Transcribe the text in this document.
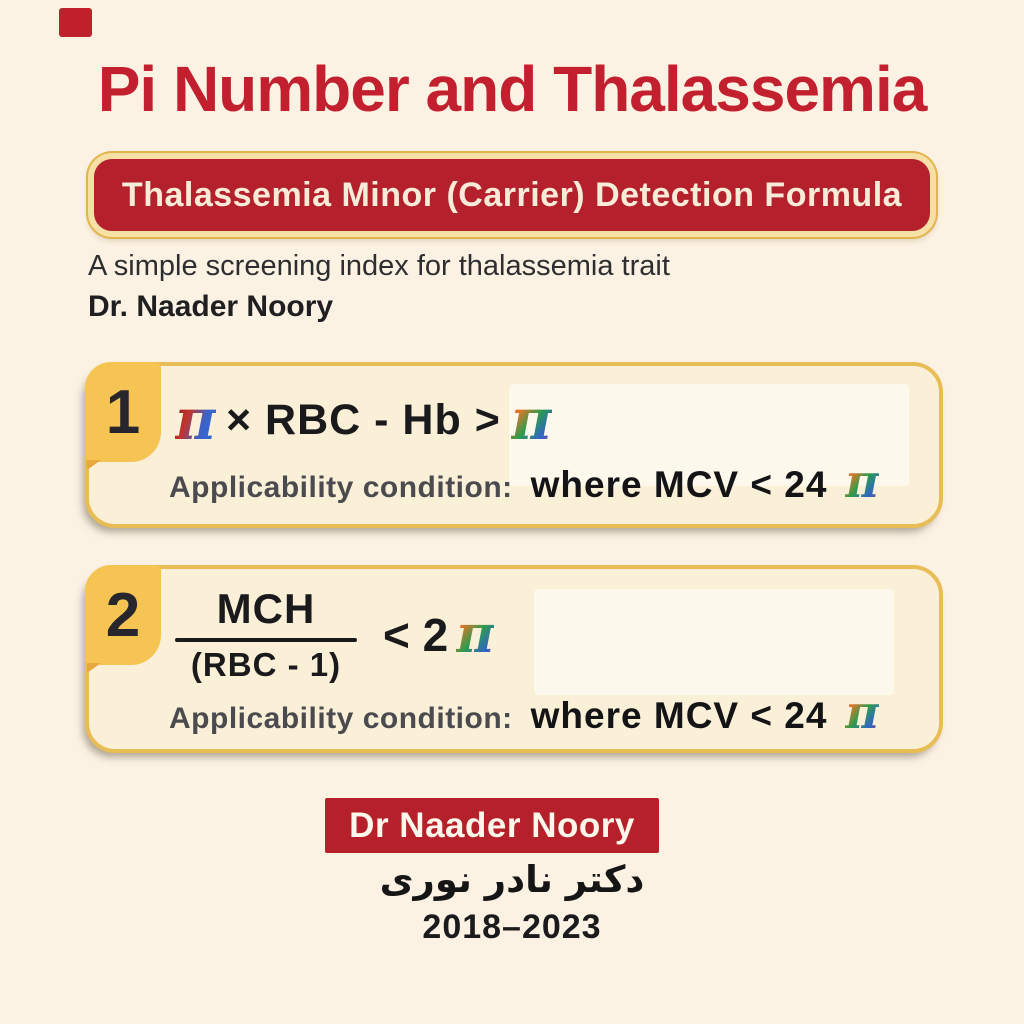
Pi Number and Thalassemia
Thalassemia Minor (Carrier) Detection Formula
A simple screening index for thalassemia trait
Dr. Naader Noory
1 π × RBC - Hb > π
Applicability condition: where MCV < 24 π
$2 \frac{\text{MCH}}{\text{(RBC - 1)}} < 2$ π
Applicability condition: where MCV < 24 π
Dr Naader Noory
دکتر نادر نوری
2018–2023
